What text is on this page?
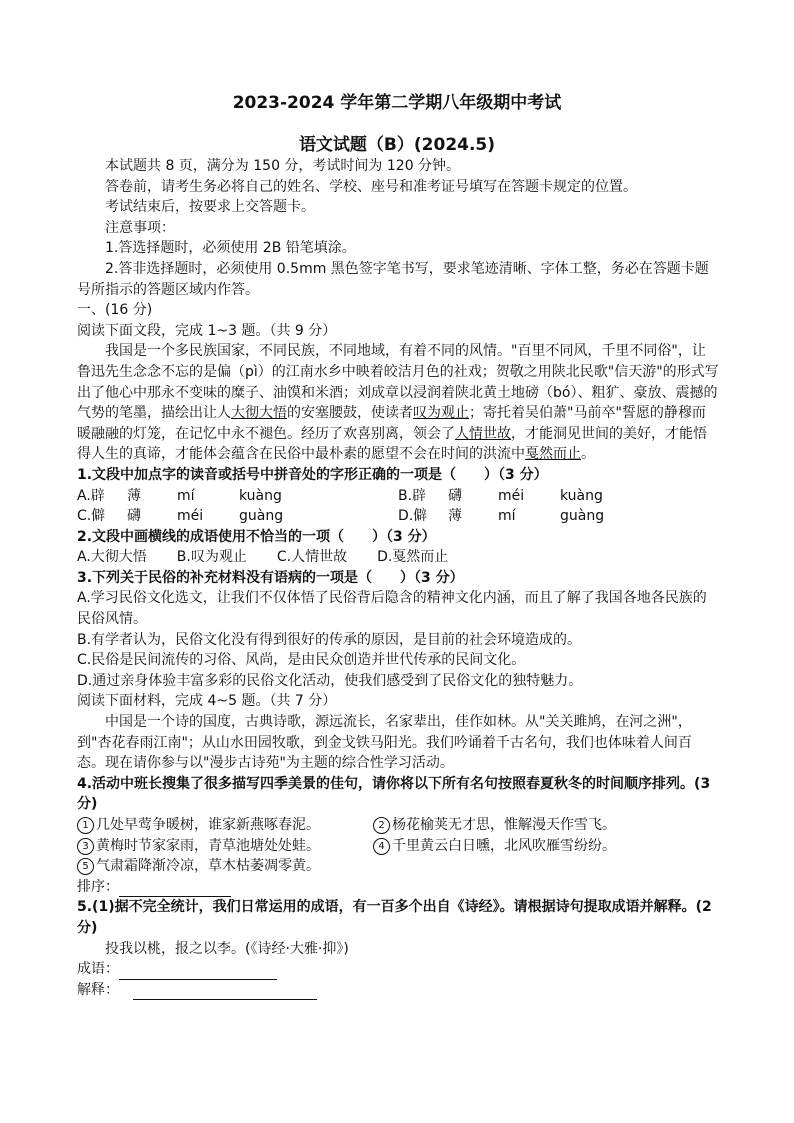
2023-2024 学年第二学期八年级期中考试
语文试题（B）(2024.5)

本试题共 8 页，满分为 150 分，考试时间为 120 分钟。

答卷前，请考生务必将自己的姓名、学校、座号和准考证号填写在答题卡规定的位置。

考试结束后，按要求上交答题卡。

注意事项：

1.答选择题时，必须使用 2B 铅笔填涂。

2.答非选择题时，必须使用 0.5mm 黑色签字笔书写，要求笔迹清晰、字体工整，务必在答题卡题号所指示的答题区域内作答。

一、(16 分)

阅读下面文段，完成 1~3 题。（共 9 分）

我国是一个多民族国家，不同民族，不同地域，有着不同的风情。"百里不同风，千里不同俗"，让鲁迅先生念念不忘的是偏（pì）的江南水乡中映着皎洁月色的社戏；贺敬之用陕北民歌"信天游"的形式写出了他心中那永不变味的糜子、油馍和米酒；刘成章以浸润着陕北黄土地磅（bó）、粗犷、豪放、震撼的气势的笔墨，描绘出让人大彻大悟的安塞腰鼓，使读者叹为观止；寄托着吴伯萧"马前卒"誓愿的静穆而暖融融的灯笼，在记忆中永不褪色。经历了欢喜别离，领会了人情世故，才能洞见世间的美好，才能悟得人生的真谛，才能体会蕴含在民俗中最朴素的愿望不会在时间的洪流中戛然而止。

1.文段中加点字的读音或括号中拼音处的字形正确的一项是（　　）（3 分）

A.辟	薄	mí	kuàng	B.辟	礴	méi	kuàng
C.僻	礴	méi	guàng	D.僻	薄	mí	guàng

2.文段中画横线的成语使用不恰当的一项（　　）（3 分）

A.大彻大悟 B.叹为观止 C.人情世故 D.戛然而止

3.下列关于民俗的补充材料没有语病的一项是（　　）（3 分）

A.学习民俗文化选文，让我们不仅体悟了民俗背后隐含的精神文化内涵，而且了解了我国各地各民族的民俗风情。

B.有学者认为，民俗文化没有得到很好的传承的原因，是目前的社会环境造成的。

C.民俗是民间流传的习俗、风尚，是由民众创造并世代传承的民间文化。

D.通过亲身体验丰富多彩的民俗文化活动，使我们感受到了民俗文化的独特魅力。

阅读下面材料，完成 4~5 题。（共 7 分）

中国是一个诗的国度，古典诗歌，源远流长，名家辈出，佳作如林。从"关关雎鸠，在河之洲"，到"杏花春雨江南"；从山水田园牧歌，到金戈铁马阳光。我们吟诵着千古名句，我们也体味着人间百态。现在请你参与以"漫步古诗苑"为主题的综合性学习活动。

4.活动中班长搜集了很多描写四季美景的佳句，请你将以下所有名句按照春夏秋冬的时间顺序排列。(3 分)

1 几处早莺争暖树，谁家新燕啄春泥。	2 杨花榆荚无才思，惟解漫天作雪飞。
3 黄梅时节家家雨，青草池塘处处蛙。	4 千里黄云白日曛，北风吹雁雪纷纷。
5 气肃霜降渐冷凉，草木枯萎凋零黄。

排序：

5.(1)据不完全统计，我们日常运用的成语，有一百多个出自《诗经》。请根据诗句提取成语并解释。(2 分)

投我以桃，报之以李。(《诗经·大雅·抑》)

成语：

解释：
